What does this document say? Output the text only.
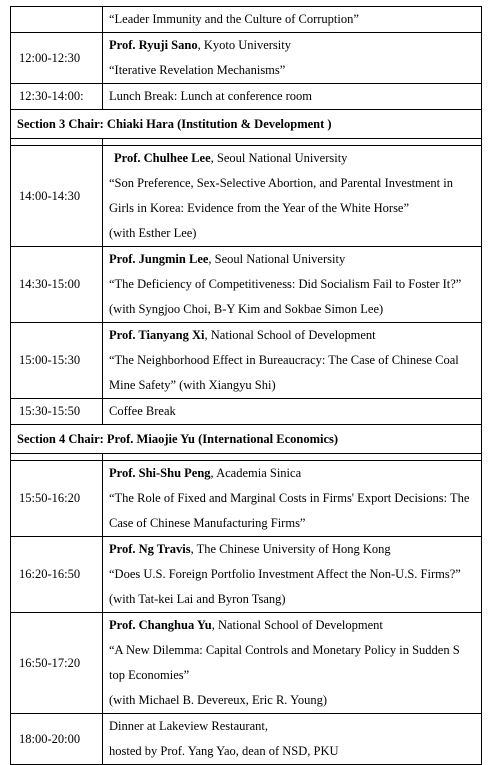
	“Leader Immunity and the Culture of Corruption”

12:00-12:30	Prof. Ryuji Sano, Kyoto University
“Iterative Revelation Mechanisms”

12:30-14:00:	Lunch Break: Lunch at conference room

Section 3 Chair: Chiaki Hara (Institution & Development )	

14:00-14:30	Prof. Chulhee Lee, Seoul National University
“Son Preference, Sex-Selective Abortion, and Parental Investment in
Girls in Korea: Evidence from the Year of the White Horse”
(with Esther Lee)

14:30-15:00	Prof. Jungmin Lee, Seoul National University
“The Deficiency of Competitiveness: Did Socialism Fail to Foster It?”
(with Syngjoo Choi, B-Y Kim and Sokbae Simon Lee)

15:00-15:30	Prof. Tianyang Xi, National School of Development
“The Neighborhood Effect in Bureaucracy: The Case of Chinese Coal
Mine Safety” (with Xiangyu Shi)

15:30-15:50	Coffee Break

Section 4 Chair: Prof. Miaojie Yu (International Economics)	

15:50-16:20	Prof. Shi-Shu Peng, Academia Sinica
“The Role of Fixed and Marginal Costs in Firms' Export Decisions: The
Case of Chinese Manufacturing Firms”

16:20-16:50	Prof. Ng Travis, The Chinese University of Hong Kong
“Does U.S. Foreign Portfolio Investment Affect the Non-U.S. Firms?”
(with Tat-kei Lai and Byron Tsang)

16:50-17:20	Prof. Changhua Yu, National School of Development
“A New Dilemma: Capital Controls and Monetary Policy in Sudden S
top Economies”
(with Michael B. Devereux, Eric R. Young)

18:00-20:00	Dinner at Lakeview Restaurant,
hosted by Prof. Yang Yao, dean of NSD, PKU
